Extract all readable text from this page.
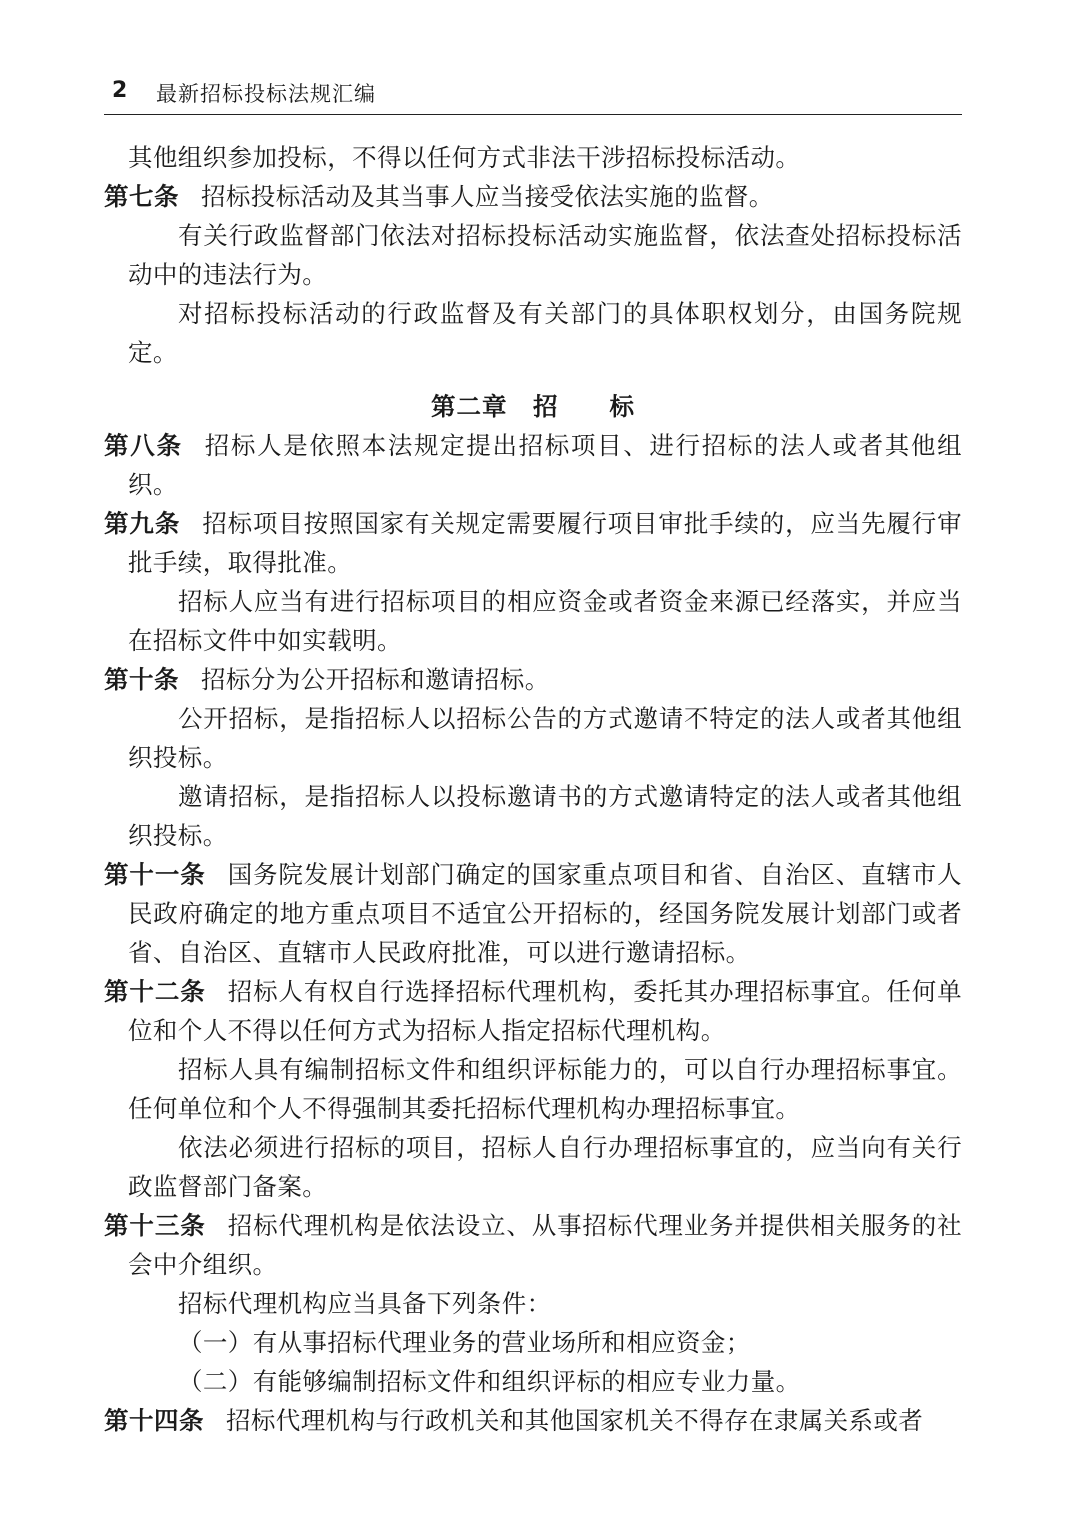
2 最新招标投标法规汇编

其他组织参加投标，不得以任何方式非法干涉招标投标活动。

第七条 招标投标活动及其当事人应当接受依法实施的监督。

有关行政监督部门依法对招标投标活动实施监督，依法查处招标投标活动中的违法行为。

对招标投标活动的行政监督及有关部门的具体职权划分，由国务院规定。

第二章　招　　标

第八条 招标人是依照本法规定提出招标项目、进行招标的法人或者其他组织。

第九条 招标项目按照国家有关规定需要履行项目审批手续的，应当先履行审批手续，取得批准。

招标人应当有进行招标项目的相应资金或者资金来源已经落实，并应当在招标文件中如实载明。

第十条 招标分为公开招标和邀请招标。

公开招标，是指招标人以招标公告的方式邀请不特定的法人或者其他组织投标。

邀请招标，是指招标人以投标邀请书的方式邀请特定的法人或者其他组织投标。

第十一条 国务院发展计划部门确定的国家重点项目和省、自治区、直辖市人民政府确定的地方重点项目不适宜公开招标的，经国务院发展计划部门或者省、自治区、直辖市人民政府批准，可以进行邀请招标。

第十二条 招标人有权自行选择招标代理机构，委托其办理招标事宜。任何单位和个人不得以任何方式为招标人指定招标代理机构。

招标人具有编制招标文件和组织评标能力的，可以自行办理招标事宜。任何单位和个人不得强制其委托招标代理机构办理招标事宜。

依法必须进行招标的项目，招标人自行办理招标事宜的，应当向有关行政监督部门备案。

第十三条 招标代理机构是依法设立、从事招标代理业务并提供相关服务的社会中介组织。

招标代理机构应当具备下列条件：

（一）有从事招标代理业务的营业场所和相应资金；

（二）有能够编制招标文件和组织评标的相应专业力量。

第十四条 招标代理机构与行政机关和其他国家机关不得存在隶属关系或者
